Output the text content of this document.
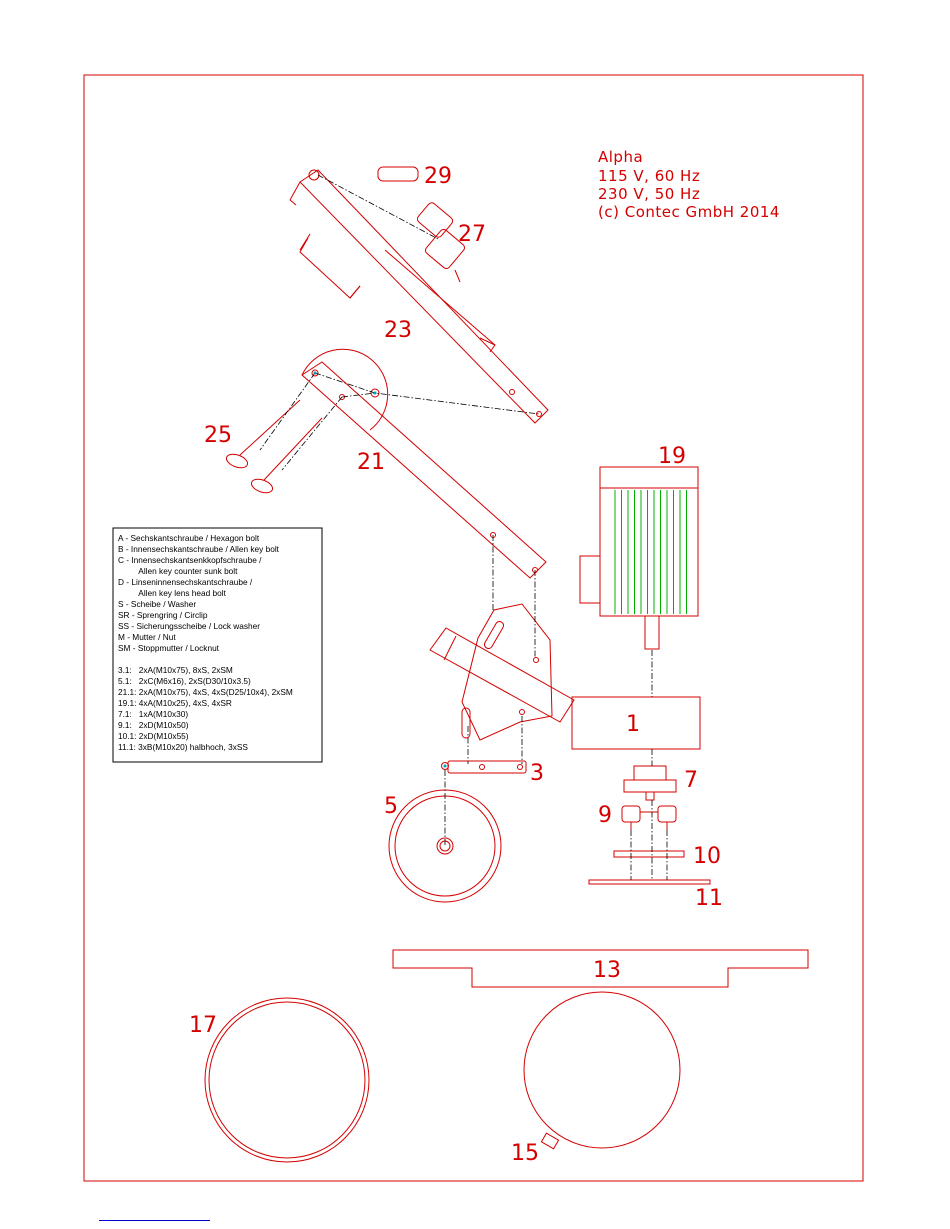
Alpha
115 V, 60 Hz
230 V, 50 Hz
(c) Contec GmbH 2014
29
27
23
25
21	19
1
3
5
7
9
10
11
13
17
15
A - Sechskantschraube / Hexagon bolt
B - Innensechskantschraube / Allen key bolt
C - Innensechskantsenkkopfschraube /
Allen key counter sunk bolt
D - Linseninnensechskantschraube /
Allen key lens head bolt
S - Scheibe / Washer
SR - Sprengring / Circlip
SS - Sicherungsscheibe / Lock washer
M - Mutter / Nut
SM - Stoppmutter / Locknut
3.1:   2xA(M10x75), 8xS, 2xSM
5.1:   2xC(M6x16), 2xS(D30/10x3.5)
21.1: 2xA(M10x75), 4xS, 4xS(D25/10x4), 2xSM
19.1: 4xA(M10x25), 4xS, 4xSR
7.1:   1xA(M10x30)
9.1:   2xD(M10x50)
10.1: 2xD(M10x55)
11.1: 3xB(M10x20) halbhoch, 3xSS
